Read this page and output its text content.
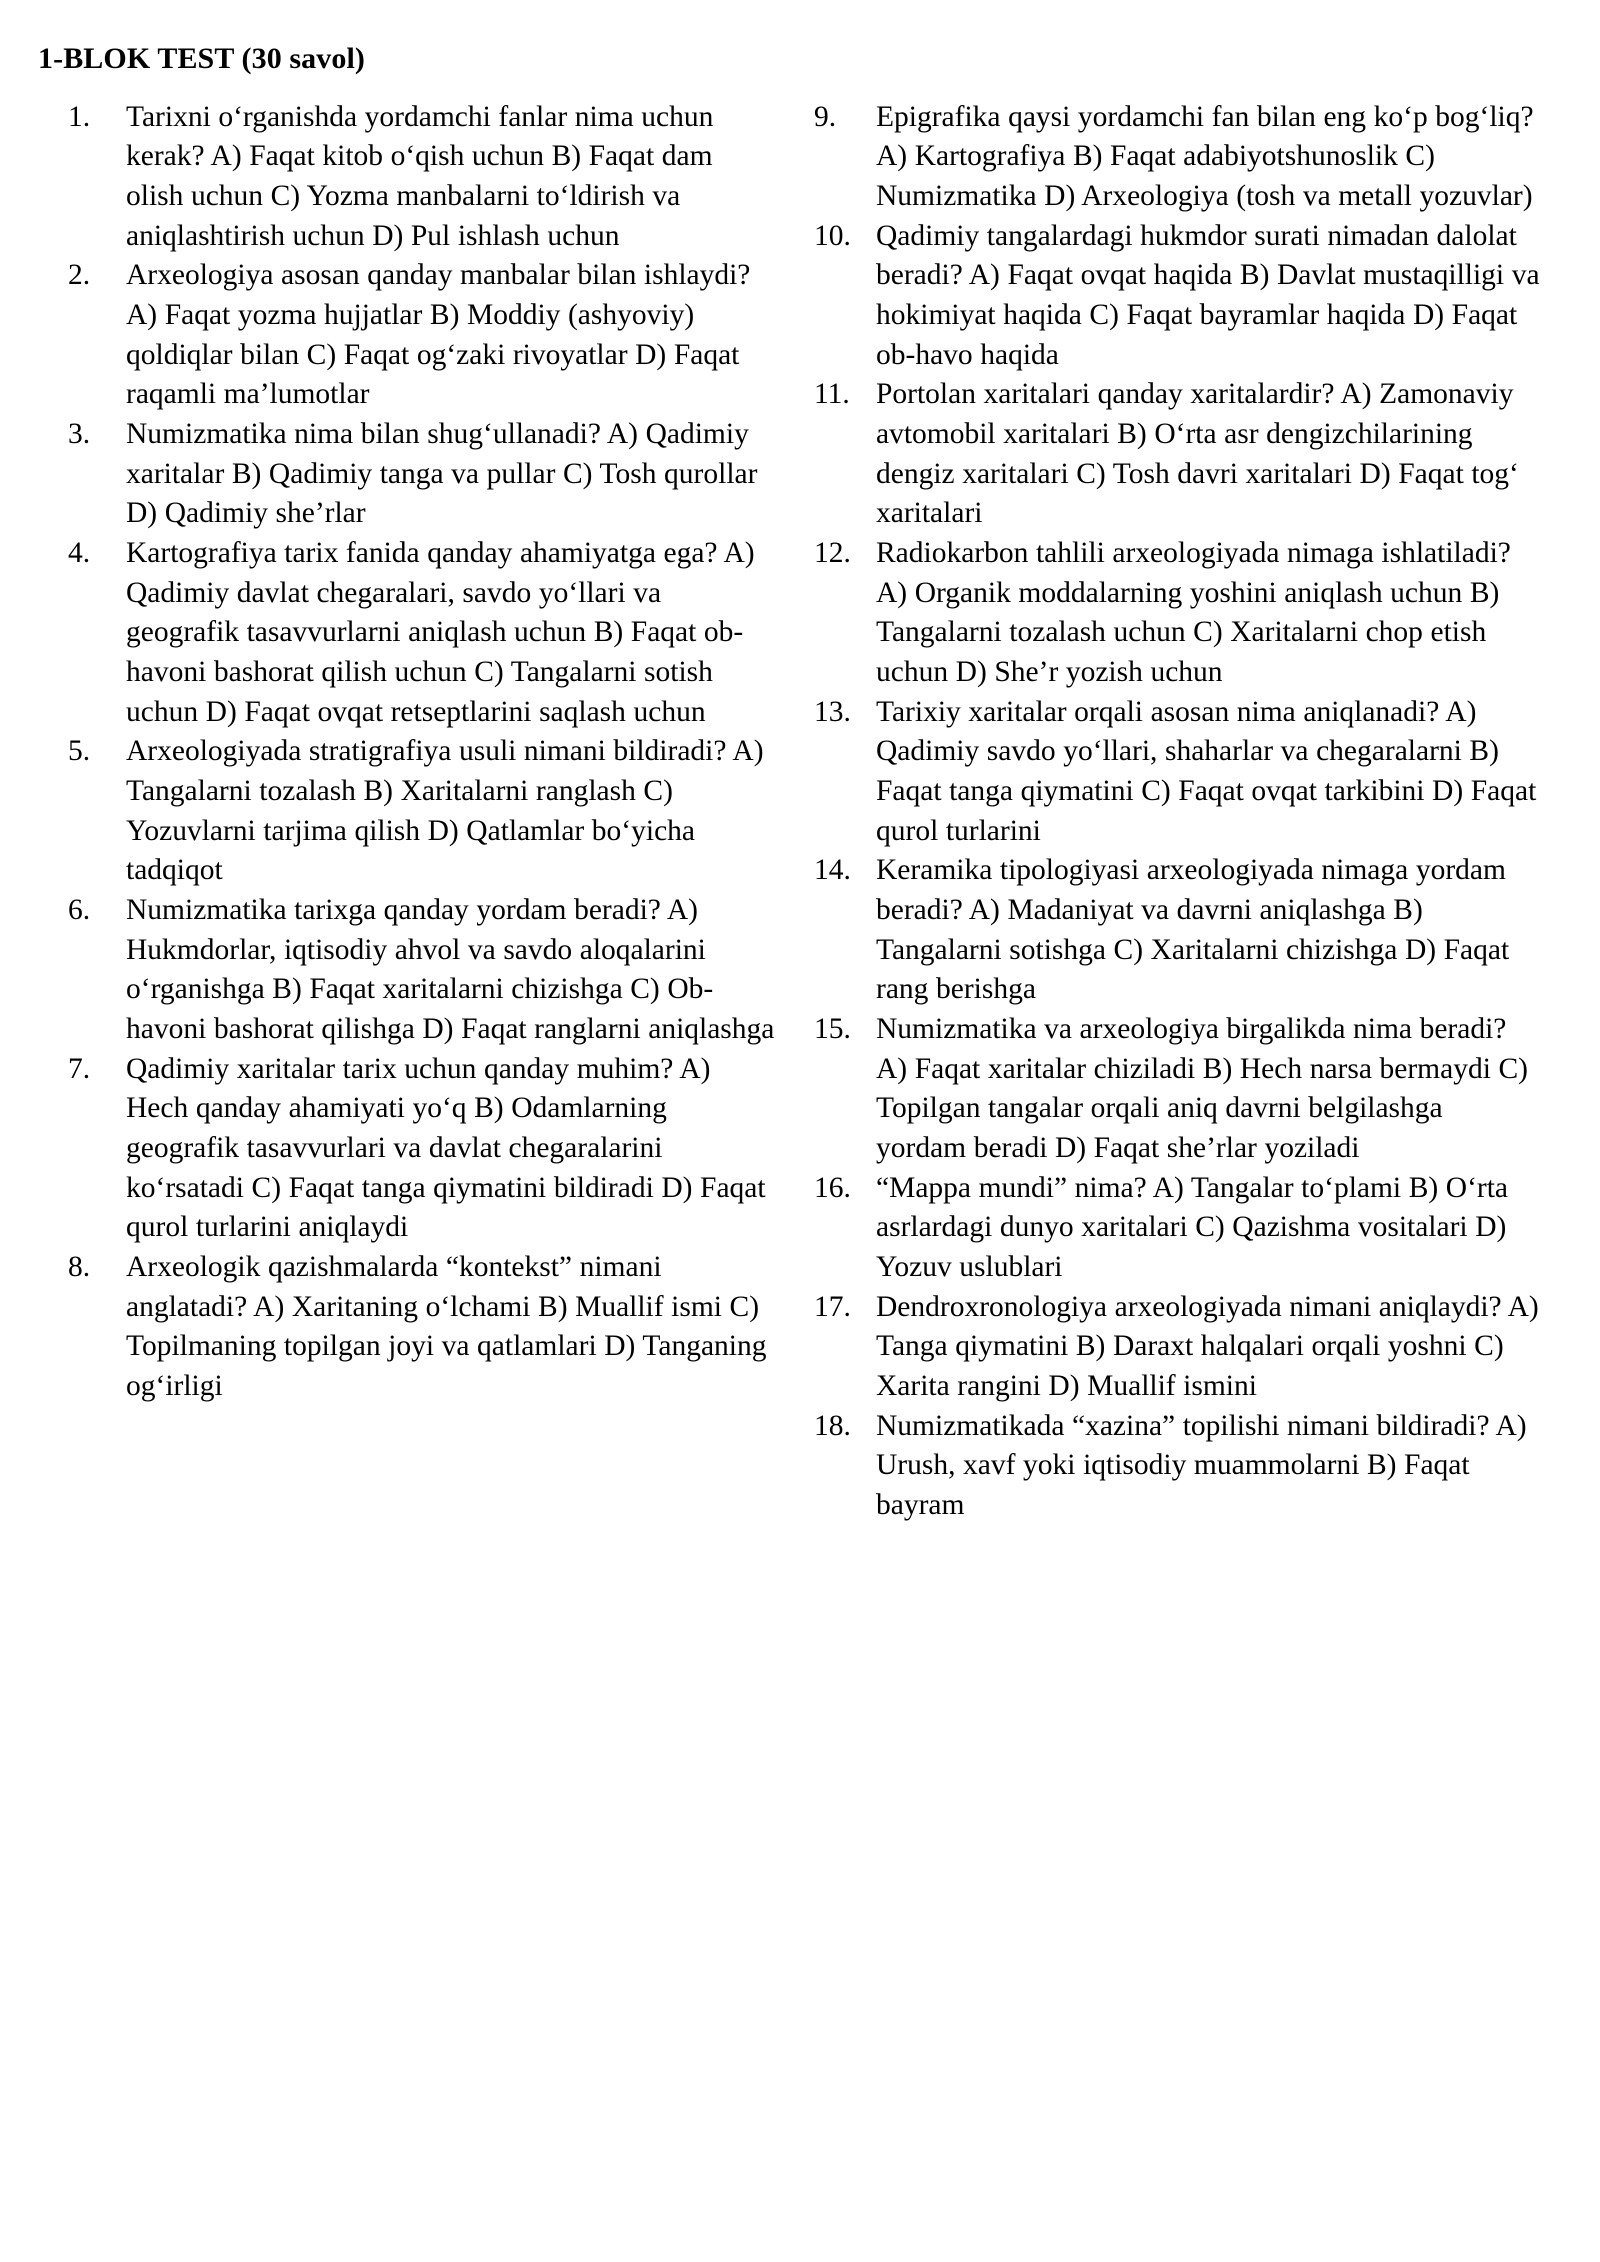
1-BLOK TEST (30 savol)
1.	Tarixni o‘rganishda yordamchi fanlar nima uchun kerak? A) Faqat kitob o‘qish uchun B) Faqat dam olish uchun C) Yozma manbalarni to‘ldirish va aniqlashtirish uchun D) Pul ishlash uchun
2.	Arxeologiya asosan qanday manbalar bilan ishlaydi? A) Faqat yozma hujjatlar B) Moddiy (ashyoviy) qoldiqlar bilan C) Faqat og‘zaki rivoyatlar D) Faqat raqamli ma’lumotlar
3.	Numizmatika nima bilan shug‘ullanadi? A) Qadimiy xaritalar B) Qadimiy tanga va pullar C) Tosh qurollar D) Qadimiy she’rlar
4.	Kartografiya tarix fanida qanday ahamiyatga ega? A) Qadimiy davlat chegaralari, savdo yo‘llari va geografik tasavvurlarni aniqlash uchun B) Faqat ob-havoni bashorat qilish uchun C) Tangalarni sotish uchun D) Faqat ovqat retseptlarini saqlash uchun
5.	Arxeologiyada stratigrafiya usuli nimani bildiradi? A) Tangalarni tozalash B) Xaritalarni ranglash C) Yozuvlarni tarjima qilish D) Qatlamlar bo‘yicha tadqiqot
6.	Numizmatika tarixga qanday yordam beradi? A) Hukmdorlar, iqtisodiy ahvol va savdo aloqalarini o‘rganishga B) Faqat xaritalarni chizishga C) Ob-havoni bashorat qilishga D) Faqat ranglarni aniqlashga
7.	Qadimiy xaritalar tarix uchun qanday muhim? A) Hech qanday ahamiyati yo‘q B) Odamlarning geografik tasavvurlari va davlat chegaralarini ko‘rsatadi C) Faqat tanga qiymatini bildiradi D) Faqat qurol turlarini aniqlaydi
8.	Arxeologik qazishmalarda “kontekst” nimani anglatadi? A) Xaritaning o‘lchami B) Muallif ismi C) Topilmaning topilgan joyi va qatlamlari D) Tanganing og‘irligi
9.	Epigrafika qaysi yordamchi fan bilan eng ko‘p bog‘liq? A) Kartografiya B) Faqat adabiyotshunoslik C) Numizmatika D) Arxeologiya (tosh va metall yozuvlar)
10. Qadimiy tangalardagi hukmdor surati nimadan dalolat beradi? A) Faqat ovqat haqida B) Davlat mustaqilligi va hokimiyat haqida C) Faqat bayramlar haqida D) Faqat ob-havo haqida
11. Portolan xaritalari qanday xaritalardir? A) Zamonaviy avtomobil xaritalari B) O‘rta asr dengizchilarining dengiz xaritalari C) Tosh davri xaritalari D) Faqat tog‘ xaritalari
12. Radiokarbon tahlili arxeologiyada nimaga ishlatiladi? A) Organik moddalarning yoshini aniqlash uchun B) Tangalarni tozalash uchun C) Xaritalarni chop etish uchun D) She’r yozish uchun
13. Tarixiy xaritalar orqali asosan nima aniqlanadi? A) Qadimiy savdo yo‘llari, shaharlar va chegaralarni B) Faqat tanga qiymatini C) Faqat ovqat tarkibini D) Faqat qurol turlarini
14. Keramika tipologiyasi arxeologiyada nimaga yordam beradi? A) Madaniyat va davrni aniqlashga B) Tangalarni sotishga C) Xaritalarni chizishga D) Faqat rang berishga
15. Numizmatika va arxeologiya birgalikda nima beradi? A) Faqat xaritalar chiziladi B) Hech narsa bermaydi C) Topilgan tangalar orqali aniq davrni belgilashga yordam beradi D) Faqat she’rlar yoziladi
16. “Mappa mundi” nima? A) Tangalar to‘plami B) O‘rta asrlardagi dunyo xaritalari C) Qazishma vositalari D) Yozuv uslublari
17. Dendroxronologiya arxeologiyada nimani aniqlaydi? A) Tanga qiymatini B) Daraxt halqalari orqali yoshni C) Xarita rangini D) Muallif ismini
18. Numizmatikada “xazina” topilishi nimani bildiradi? A) Urush, xavf yoki iqtisodiy muammolarni B) Faqat bayram
